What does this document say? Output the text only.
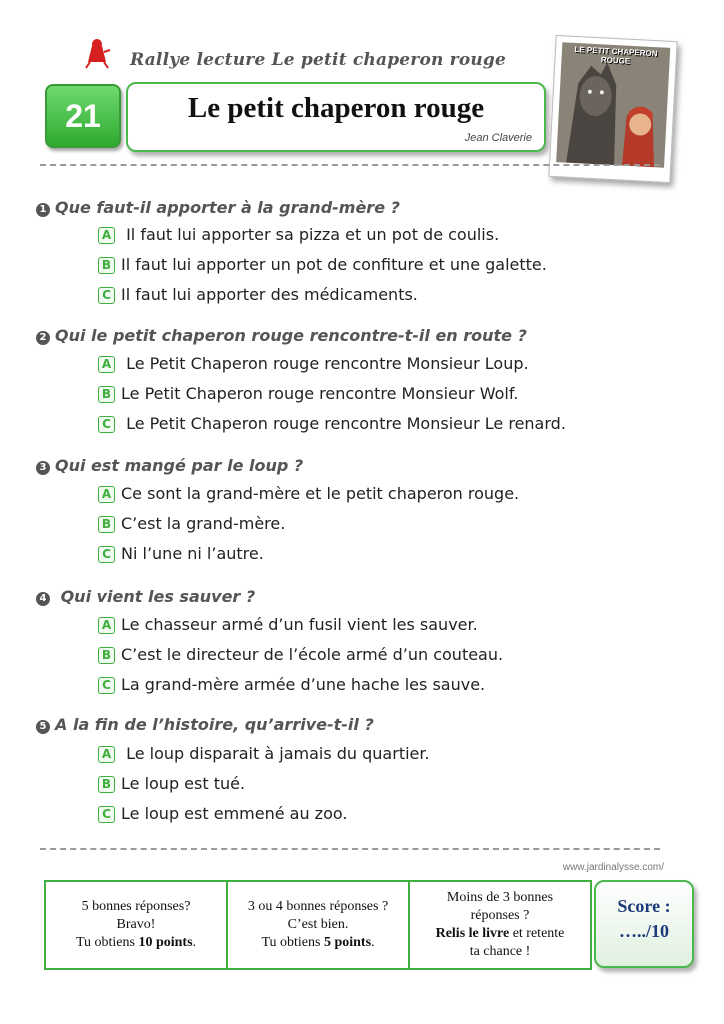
Rallye lecture Le petit chaperon rouge
21	Le petit chaperon rouge
Jean Claverie
LE PETIT CHAPERON ROUGE
1 Que faut-il apporter à la grand-mère ?
A Il faut lui apporter sa pizza et un pot de coulis.
B Il faut lui apporter un pot de confiture et une galette.
C Il faut lui apporter des médicaments.
2 Qui le petit chaperon rouge rencontre-t-il en route ?
A Le Petit Chaperon rouge rencontre Monsieur Loup.
B Le Petit Chaperon rouge rencontre Monsieur Wolf.
C Le Petit Chaperon rouge rencontre Monsieur Le renard.
3 Qui est mangé par le loup ?
A Ce sont la grand-mère et le petit chaperon rouge.
B C’est la grand-mère.
C Ni l’une ni l’autre.
4 Qui vient les sauver ?
A Le chasseur armé d’un fusil vient les sauver.
B C’est le directeur de l’école armé d’un couteau.
C La grand-mère armée d’une hache les sauve.
5 A la fin de l’histoire, qu’arrive-t-il ?
A Le loup disparait à jamais du quartier.
B Le loup est tué.
C Le loup est emmené au zoo.
www.jardinalysse.com/
5 bonnes réponses?
Bravo!
Tu obtiens 10 points.
3 ou 4 bonnes réponses ?
C’est bien.
Tu obtiens 5 points.
Moins de 3 bonnes
réponses ?
Relis le livre et retente
ta chance !
Score :
…../10
